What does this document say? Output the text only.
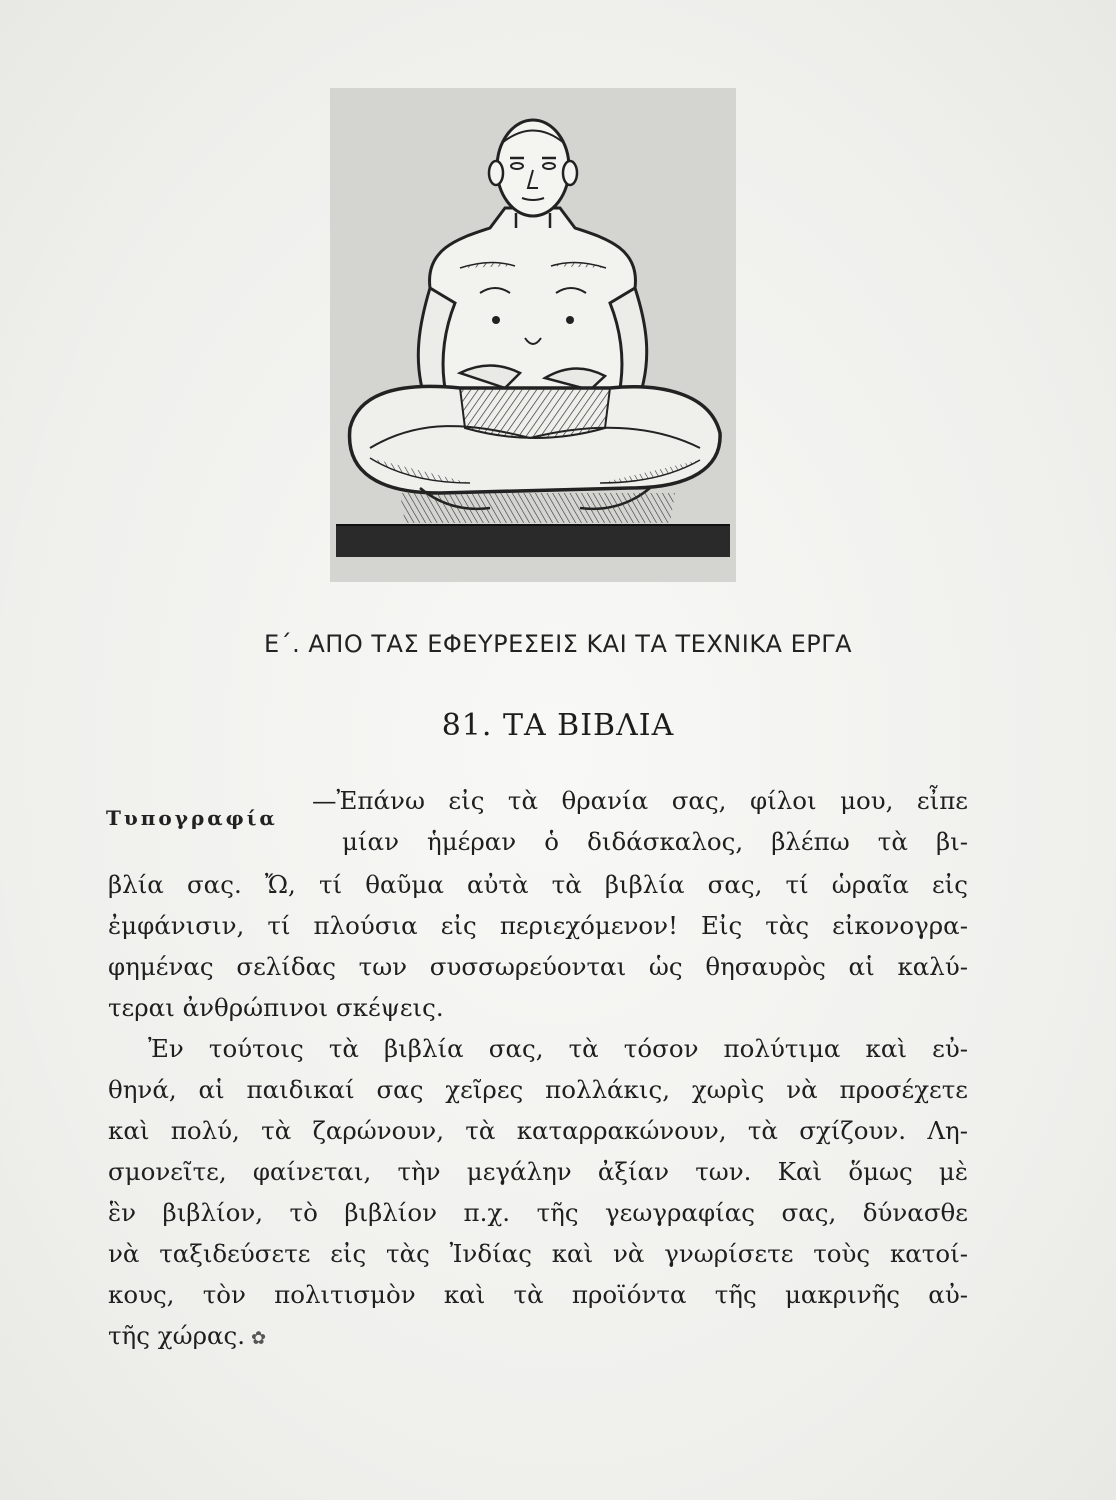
Ε΄. ΑΠΟ ΤΑΣ ΕΦΕΥΡΕΣΕΙΣ ΚΑΙ ΤΑ ΤΕΧΝΙΚΑ ΕΡΓΑ
81. ΤΑ ΒΙΒΛΙΑ
Τυπογραφία
—Ἐπάνω εἰς τὰ θρανία σας, φίλοι μου, εἶπε
μίαν ἡμέραν ὁ διδάσκαλος, βλέπω τὰ βι-
βλία σας. Ὤ, τί θαῦμα αὐτὰ τὰ βιβλία σας, τί ὡραῖα εἰς
ἐμφάνισιν, τί πλούσια εἰς περιεχόμενον! Εἰς τὰς εἰκονογρα-
φημένας σελίδας των συσσωρεύονται ὡς θησαυρὸς αἱ καλύ-
τεραι ἀνθρώπινοι σκέψεις.
Ἐν τούτοις τὰ βιβλία σας, τὰ τόσον πολύτιμα καὶ εὐ-
θηνά, αἱ παιδικαί σας χεῖρες πολλάκις, χωρὶς νὰ προσέχετε
καὶ πολύ, τὰ ζαρώνουν, τὰ καταρρακώνουν, τὰ σχίζουν. Λη-
σμονεῖτε, φαίνεται, τὴν μεγάλην ἀξίαν των. Καὶ ὅμως μὲ
ἓν βιβλίον, τὸ βιβλίον π.χ. τῆς γεωγραφίας σας, δύνασθε
νὰ ταξιδεύσετε εἰς τὰς Ἰνδίας καὶ νὰ γνωρίσετε τοὺς κατοί-
κους, τὸν πολιτισμὸν καὶ τὰ προϊόντα τῆς μακρινῆς αὐ-
τῆς χώρας. ✿
